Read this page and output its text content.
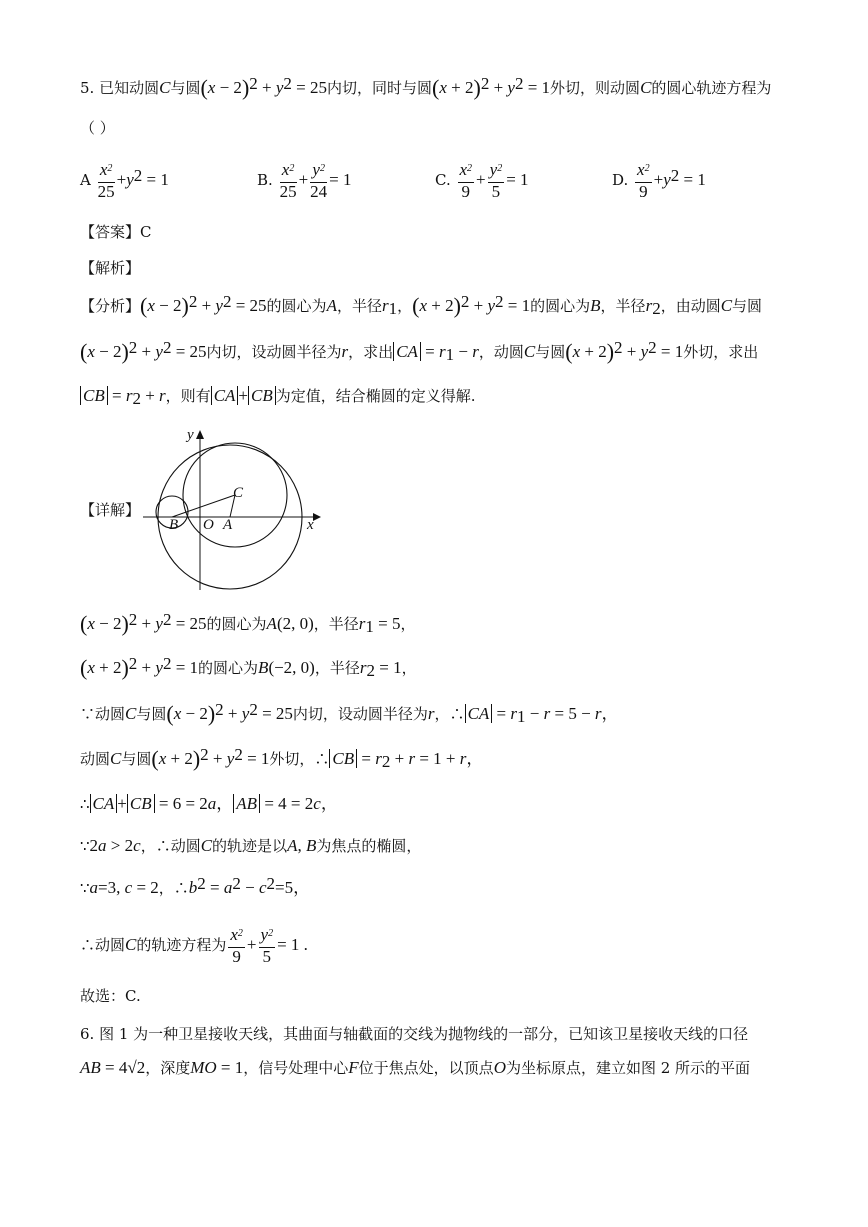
5. 已知动圆C与圆$(x - 2)^2 + y^2 = 25$内切，同时与圆$(x + 2)^2 + y^2 = 1$外切，则动圆C的圆心轨迹方程为
（ ）
A $\frac{x^2}{25} +y^2 = 1$	B. $\frac{x^2}{25} + \frac{y^2}{24} = 1$	C. $\frac{x^2}{9} + \frac{y^2}{5} = 1$	D. $\frac{x^2}{9} +y^2 = 1$
【答案】C
【解析】
【分析】$(x - 2)^2 + y^2 = 25$的圆心为A，半径$r_1$，$(x + 2)^2 + y^2 = 1$的圆心为B，半径$r_2$，由动圆C与圆
$(x - 2)^2 + y^2 = 25$内切，设动圆半径为r，求出 CA = $r_1 - r$，动圆C与圆$(x + 2)^2 + y^2 = 1$外切，求出
CB = $r_2 + r$，则有 CA + CB 为定值，结合椭圆的定义得解.
【详解】
y
x
B O A
C
$(x - 2)^2 + y^2 = 25$的圆心为A(2, 0)，半径$r_1 = 5$，
$(x + 2)^2 + y^2 = 1$的圆心为B(−2, 0)，半径$r_2 = 1$，
∵动圆C与圆$(x - 2)^2 + y^2 = 25$内切，设动圆半径为r，∴ CA = $r_1 - r = 5 - r$，
动圆C与圆$(x + 2)^2 + y^2 = 1$外切，∴ CB = $r_2 + r = 1 + r$，
∴ CA + CB = 6 = 2a， AB = 4 = 2c，
∵2a > 2c，∴动圆C的轨迹是以A, B为焦点的椭圆，
∵a=3, c = 2，$\therefore b^2 = a^2 - c^2=5$，
∴动圆C的轨迹方程为 $\frac{x^2}{9} + \frac{y^2}{5} = 1$ .
故选：C.
6. 图 1 为一种卫星接收天线，其曲面与轴截面的交线为抛物线的一部分，已知该卫星接收天线的口径
AB = 4√2，深度MO = 1，信号处理中心F位于焦点处，以顶点O为坐标原点，建立如图 2 所示的平面
